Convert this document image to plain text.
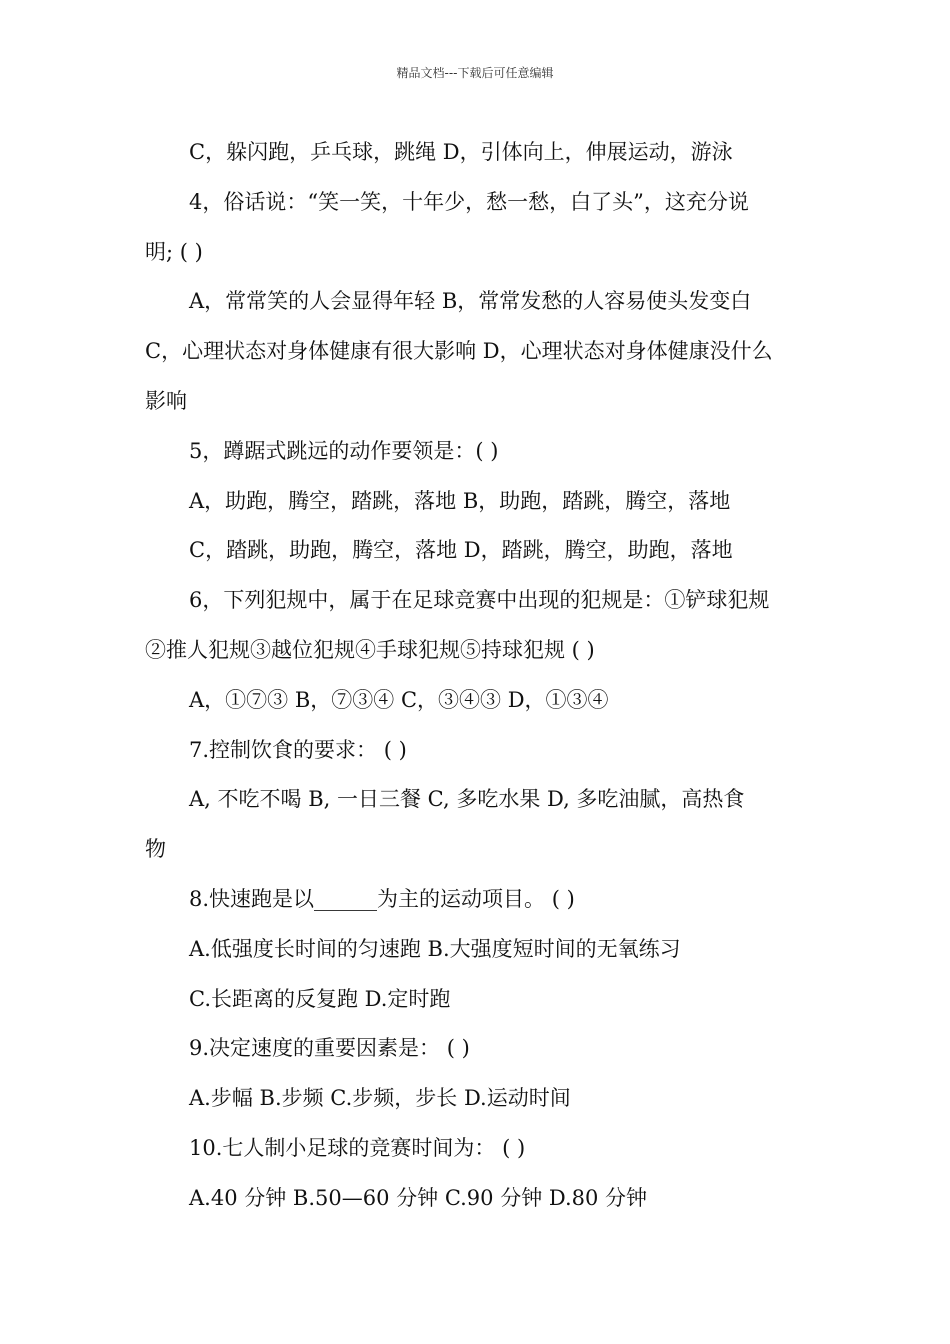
精品文档---下载后可任意编辑
C，躲闪跑，乒乓球，跳绳 D，引体向上，伸展运动，游泳
4，俗话说：“笑一笑，十年少，愁一愁，白了头”，这充分说
明; ( )
A，常常笑的人会显得年轻 B，常常发愁的人容易使头发变白
C，心理状态对身体健康有很大影响 D，心理状态对身体健康没什么
影响
5，蹲踞式跳远的动作要领是：( )
A，助跑，腾空，踏跳，落地 B，助跑，踏跳，腾空，落地
C，踏跳，助跑，腾空，落地 D，踏跳，腾空，助跑，落地
6，下列犯规中，属于在足球竞赛中出现的犯规是：①铲球犯规
②推人犯规③越位犯规④手球犯规⑤持球犯规 ( )
A，①⑦③ B，⑦③④ C，③④③ D，①③④
7.控制饮食的要求： ( )
A, 不吃不喝 B, 一日三餐 C, 多吃水果 D, 多吃油腻，高热食
物
8.快速跑是以______为主的运动项目。 ( )
A.低强度长时间的匀速跑 B.大强度短时间的无氧练习
C.长距离的反复跑 D.定时跑
9.决定速度的重要因素是： ( )
A.步幅 B.步频 C.步频，步长 D.运动时间
10.七人制小足球的竞赛时间为： ( )
A.40 分钟 B.50—60 分钟 C.90 分钟 D.80 分钟
